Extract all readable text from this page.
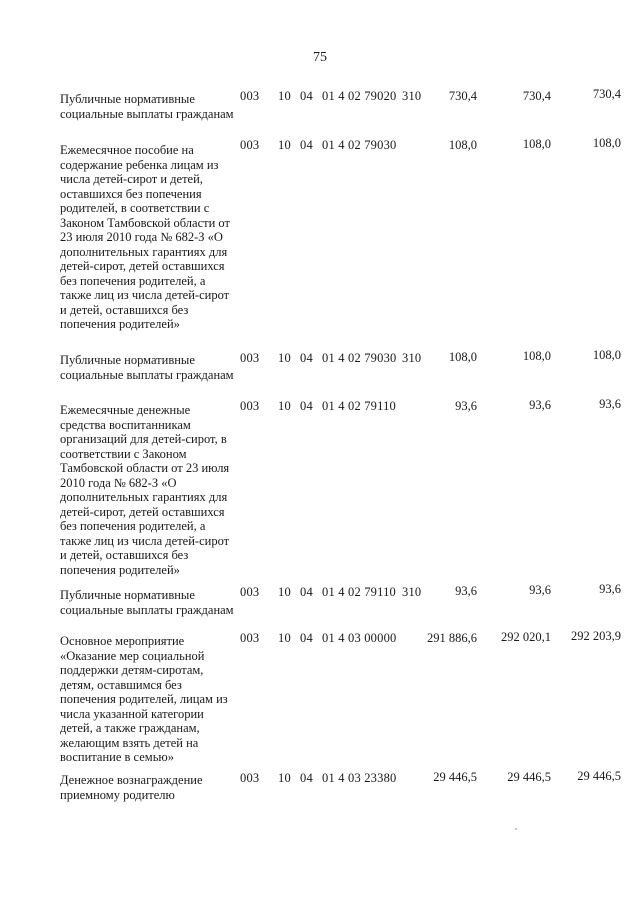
75
Публичные нормативные социальные выплаты гражданам
003 10 04 01 4 02 79020 310	730,4	730,4	730,4
Ежемесячное пособие на содержание ребенка лицам из числа детей-сирот и детей, оставшихся без попечения родителей, в соответствии с Законом Тамбовской области от 23 июля 2010 года № 682-З «О дополнительных гарантиях для детей-сирот, детей оставшихся без попечения родителей, а также лиц из числа детей-сирот и детей, оставшихся без попечения родителей»
003 10 04 01 4 02 79030	108,0	108,0	108,0
Публичные нормативные социальные выплаты гражданам
003 10 04 01 4 02 79030 310	108,0	108,0	108,0
Ежемесячные денежные средства воспитанникам организаций для детей-сирот, в соответствии с Законом Тамбовской области от 23 июля 2010 года № 682-З «О дополнительных гарантиях для детей-сирот, детей оставшихся без попечения родителей, а также лиц из числа детей-сирот и детей, оставшихся без попечения родителей»
003 10 04 01 4 02 79110	93,6	93,6	93,6
Публичные нормативные социальные выплаты гражданам
003 10 04 01 4 02 79110 310	93,6	93,6	93,6
Основное мероприятие «Оказание мер социальной поддержки детям-сиротам, детям, оставшимся без попечения родителей, лицам из числа указанной категории детей, а также гражданам, желающим взять детей на воспитание в семью»
003 10 04 01 4 03 00000	291 886,6	292 020,1	292 203,9
Денежное вознаграждение приемному родителю
003 10 04 01 4 03 23380	29 446,5	29 446,5	29 446,5
